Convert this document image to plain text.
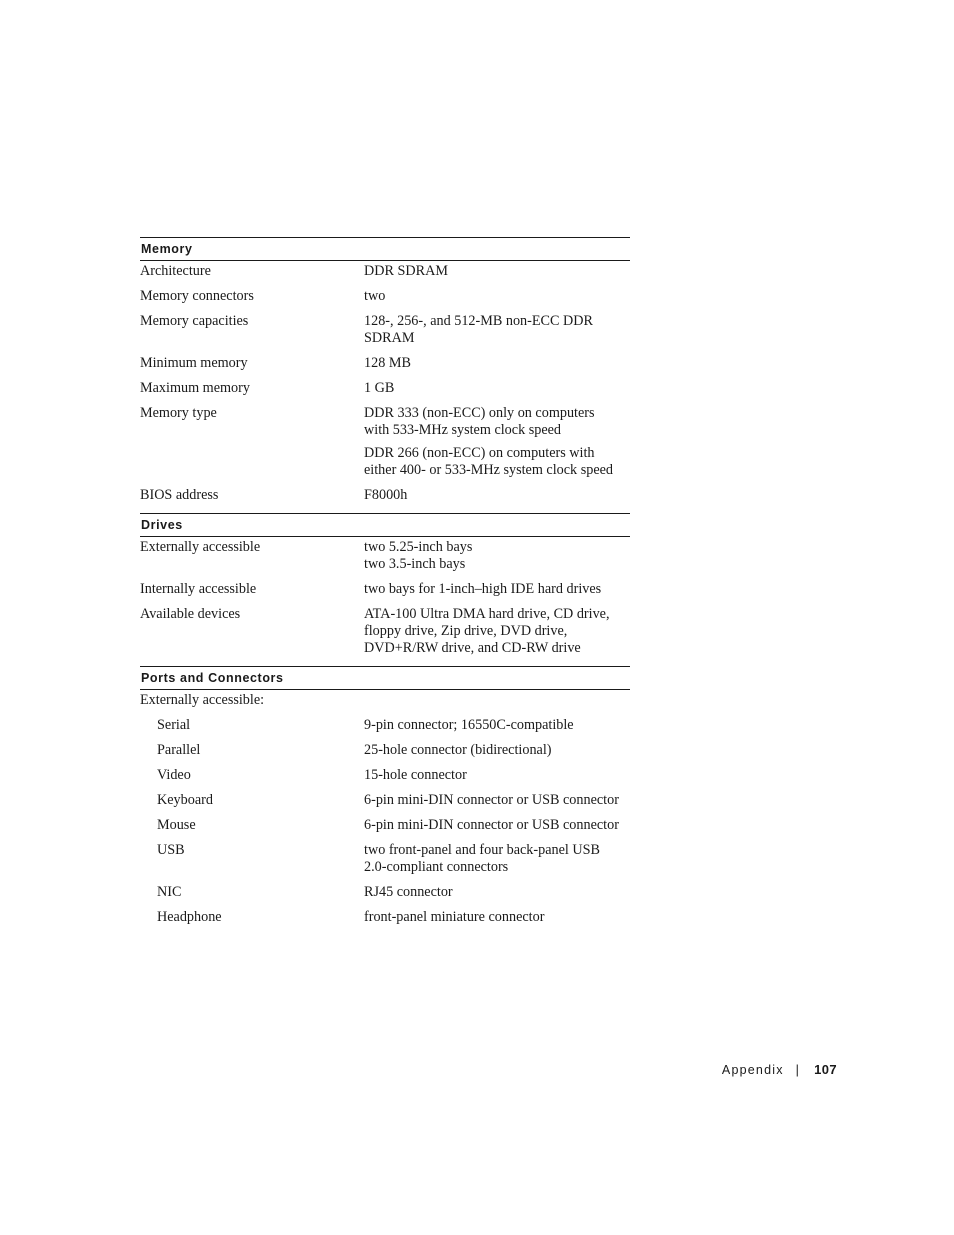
Memory
Architecture	DDR SDRAM
Memory connectors	two
Memory capacities	128-, 256-, and 512-MB non-ECC DDR
SDRAM
Minimum memory	128 MB
Maximum memory	1 GB
Memory type	DDR 333 (non-ECC) only on computers
with 533-MHz system clock speed
DDR 266 (non-ECC) on computers with
either 400- or 533-MHz system clock speed
BIOS address	F8000h
Drives
Externally accessible	two 5.25-inch bays
two 3.5-inch bays
Internally accessible	two bays for 1-inch–high IDE hard drives
Available devices	ATA-100 Ultra DMA hard drive, CD drive,
floppy drive, Zip drive, DVD drive,
DVD+R/RW drive, and CD-RW drive
Ports and Connectors
Externally accessible:
Serial	9-pin connector; 16550C-compatible
Parallel	25-hole connector (bidirectional)
Video	15-hole connector
Keyboard	6-pin mini-DIN connector or USB connector
Mouse	6-pin mini-DIN connector or USB connector
USB	two front-panel and four back-panel USB
2.0-compliant connectors
NIC	RJ45 connector
Headphone	front-panel miniature connector
Appendix | 107
